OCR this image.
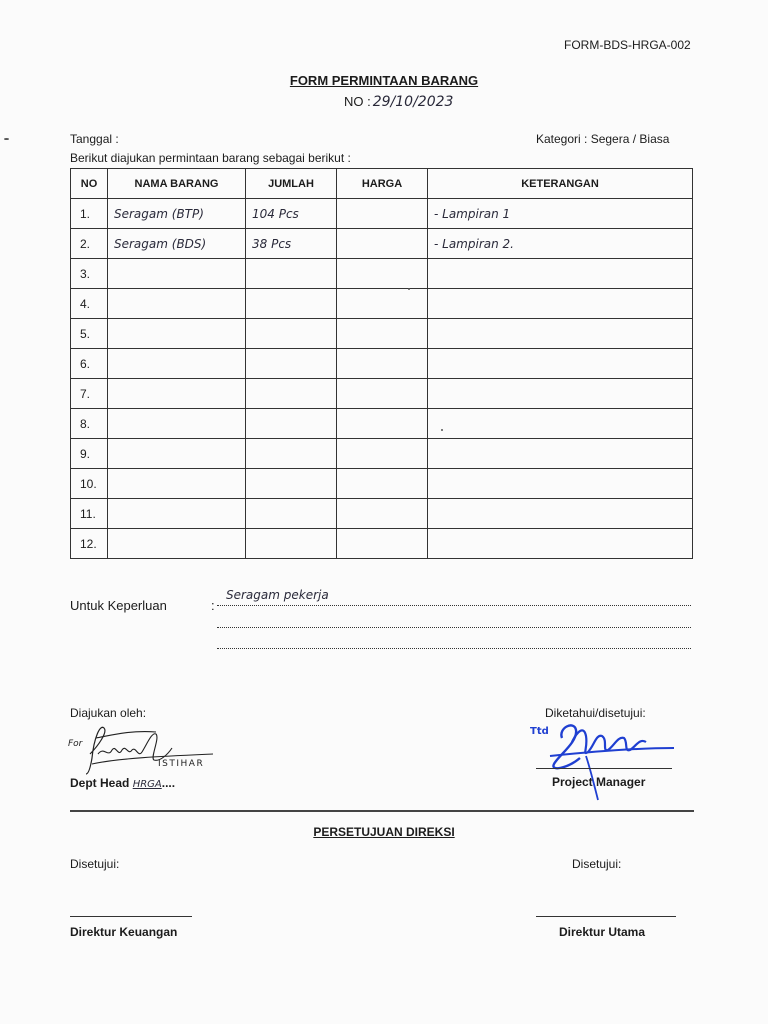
FORM-BDS-HRGA-002
FORM PERMINTAAN BARANG
NO : 29/10/2023
Tanggal :	Kategori : Segera / Biasa
Berikut diajukan permintaan barang sebagai berikut :
NO	NAMA BARANG	JUMLAH	HARGA	KETERANGAN
1.	Seragam (BTP)	104 Pcs		- Lampiran 1
2.	Seragam (BDS)	38 Pcs		- Lampiran 2.
3.				
4.				
5.				
6.				
7.				
8.				
9.				
10.				
11.				
12.				
Untuk Keperluan	:
Seragam pekerja
Diajukan oleh:	Diketahui/disetujui:
For
ISTIHAR
Dept Head HRGA....
Ttd
Project Manager
PERSETUJUAN DIREKSI
Disetujui:	Disetujui:
Direktur Keuangan	Direktur Utama
